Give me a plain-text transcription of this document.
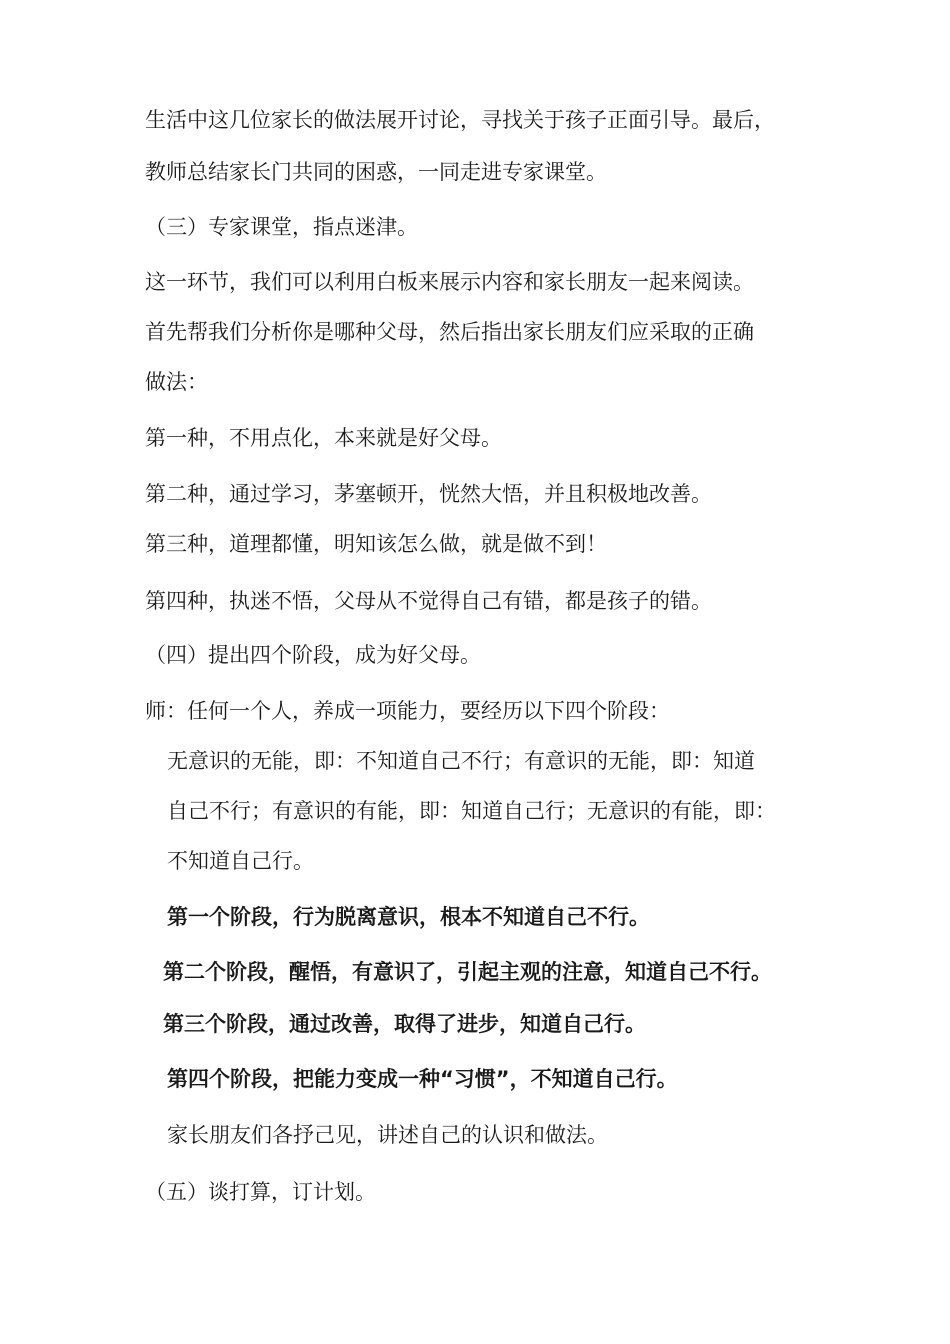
生活中这几位家长的做法展开讨论，寻找关于孩子正面引导。最后，
教师总结家长门共同的困惑，一同走进专家课堂。
（三）专家课堂，指点迷津。
这一环节，我们可以利用白板来展示内容和家长朋友一起来阅读。
首先帮我们分析你是哪种父母，然后指出家长朋友们应采取的正确
做法：
第一种，不用点化，本来就是好父母。
第二种，通过学习，茅塞顿开，恍然大悟，并且积极地改善。
第三种，道理都懂，明知该怎么做，就是做不到！
第四种，执迷不悟，父母从不觉得自己有错，都是孩子的错。
（四）提出四个阶段，成为好父母。
师：任何一个人，养成一项能力，要经历以下四个阶段：
无意识的无能，即：不知道自己不行；有意识的无能，即：知道
自己不行；有意识的有能，即：知道自己行；无意识的有能，即：
不知道自己行。
第一个阶段，行为脱离意识，根本不知道自己不行。
第二个阶段，醒悟，有意识了，引起主观的注意，知道自己不行。
第三个阶段，通过改善，取得了进步，知道自己行。
第四个阶段，把能力变成一种“习惯”，不知道自己行。
家长朋友们各抒己见，讲述自己的认识和做法。
（五）谈打算，订计划。
